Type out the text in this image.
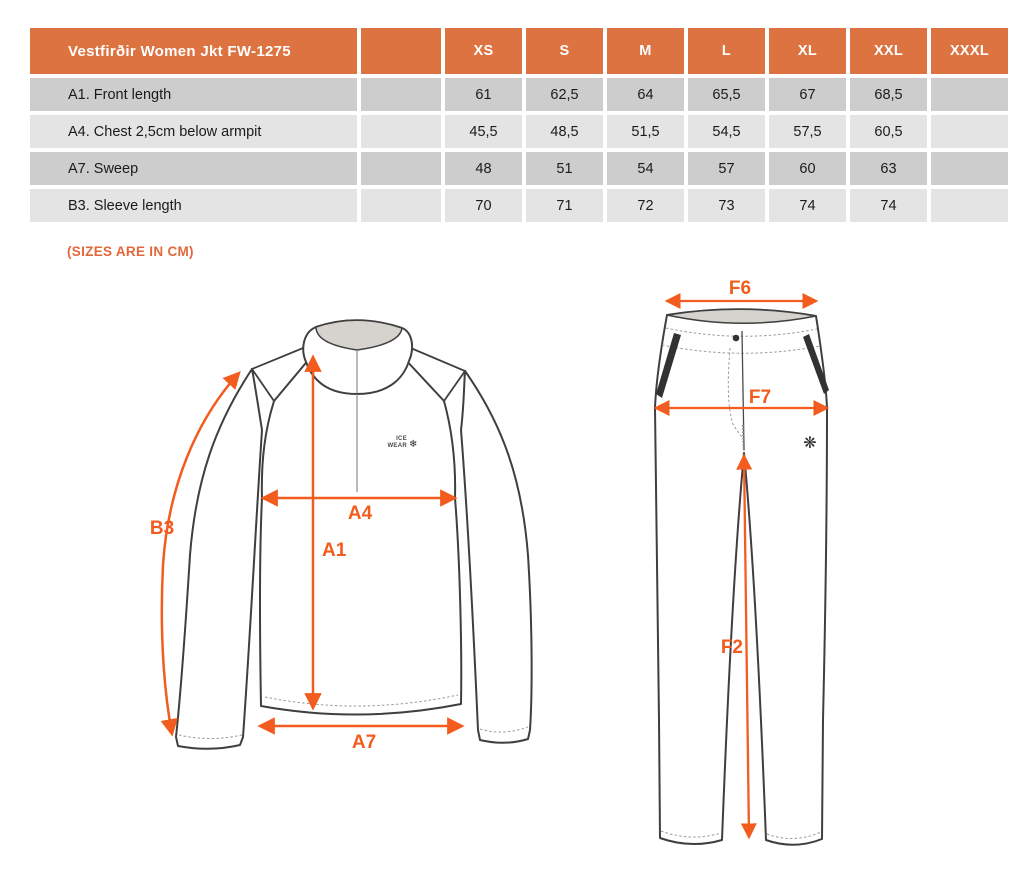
Vestfirðir Women Jkt FW-1275	XS	S	M	L	XL	XXL	XXXL
A1. Front length	61	62,5	64	65,5	67	68,5
A4. Chest 2,5cm below armpit	45,5	48,5	51,5	54,5	57,5	60,5
A7. Sweep	48	51	54	57	60	63
B3. Sleeve length	70	71	72	73	74	74
(SIZES ARE IN CM)
ICE
WEAR ❄
B3
A4
A1
A7
❋
F6
F7
F2
